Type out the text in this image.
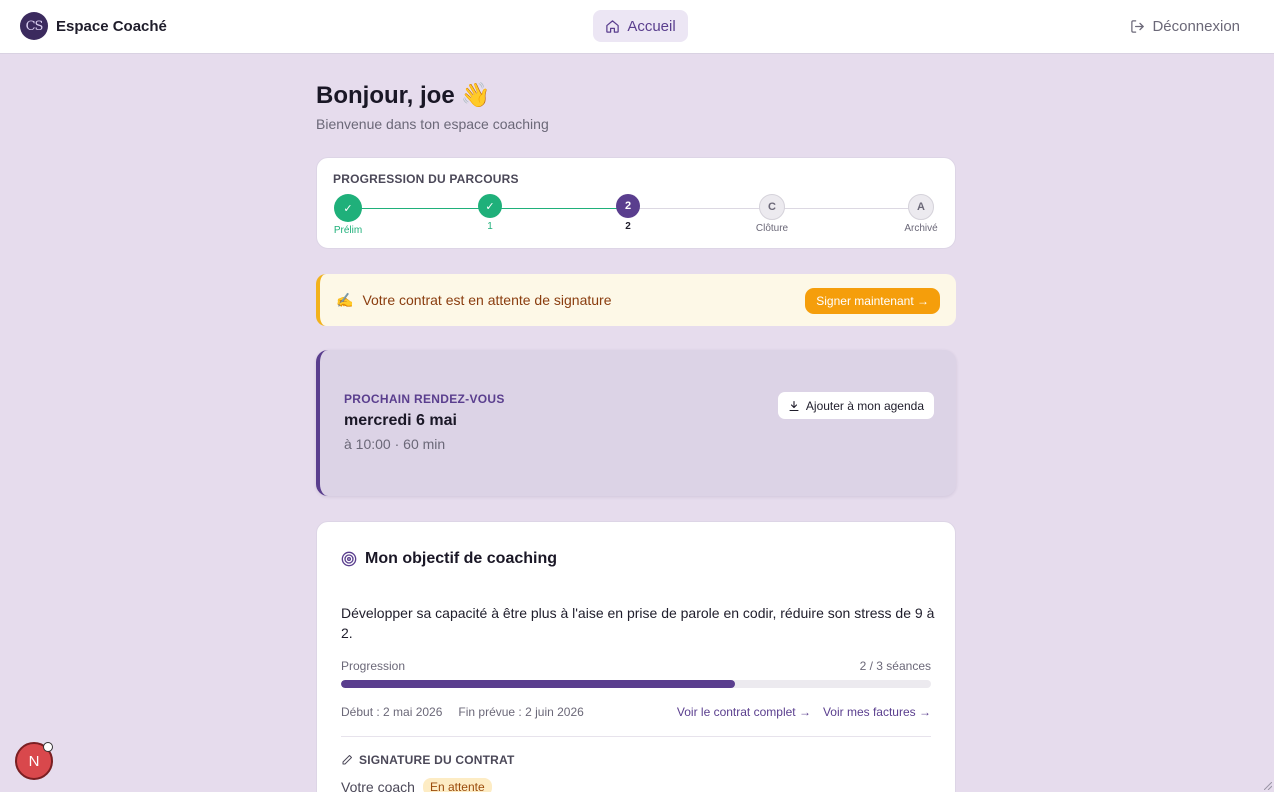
CS Espace Coaché	Accueil	Déconnexion
Bonjour, joe 👋
Bienvenue dans ton espace coaching
PROGRESSION DU PARCOURS
✓
Prélim
✓
1
2
2
C
Clôture
A
Archivé
✍️ Votre contrat est en attente de signature	Signer maintenant →
PROCHAIN RENDEZ-VOUS
mercredi 6 mai
à 10:00 · 60 min
Ajouter à mon agenda
Mon objectif de coaching
Développer sa capacité à être plus à l'aise en prise de parole en codir, réduire son stress de 9 à 2.
Progression	2 / 3 séances
Début : 2 mai 2026 Fin prévue : 2 juin 2026	Voir le contrat complet → Voir mes factures →
SIGNATURE DU CONTRAT
Votre coach	En attente
N
